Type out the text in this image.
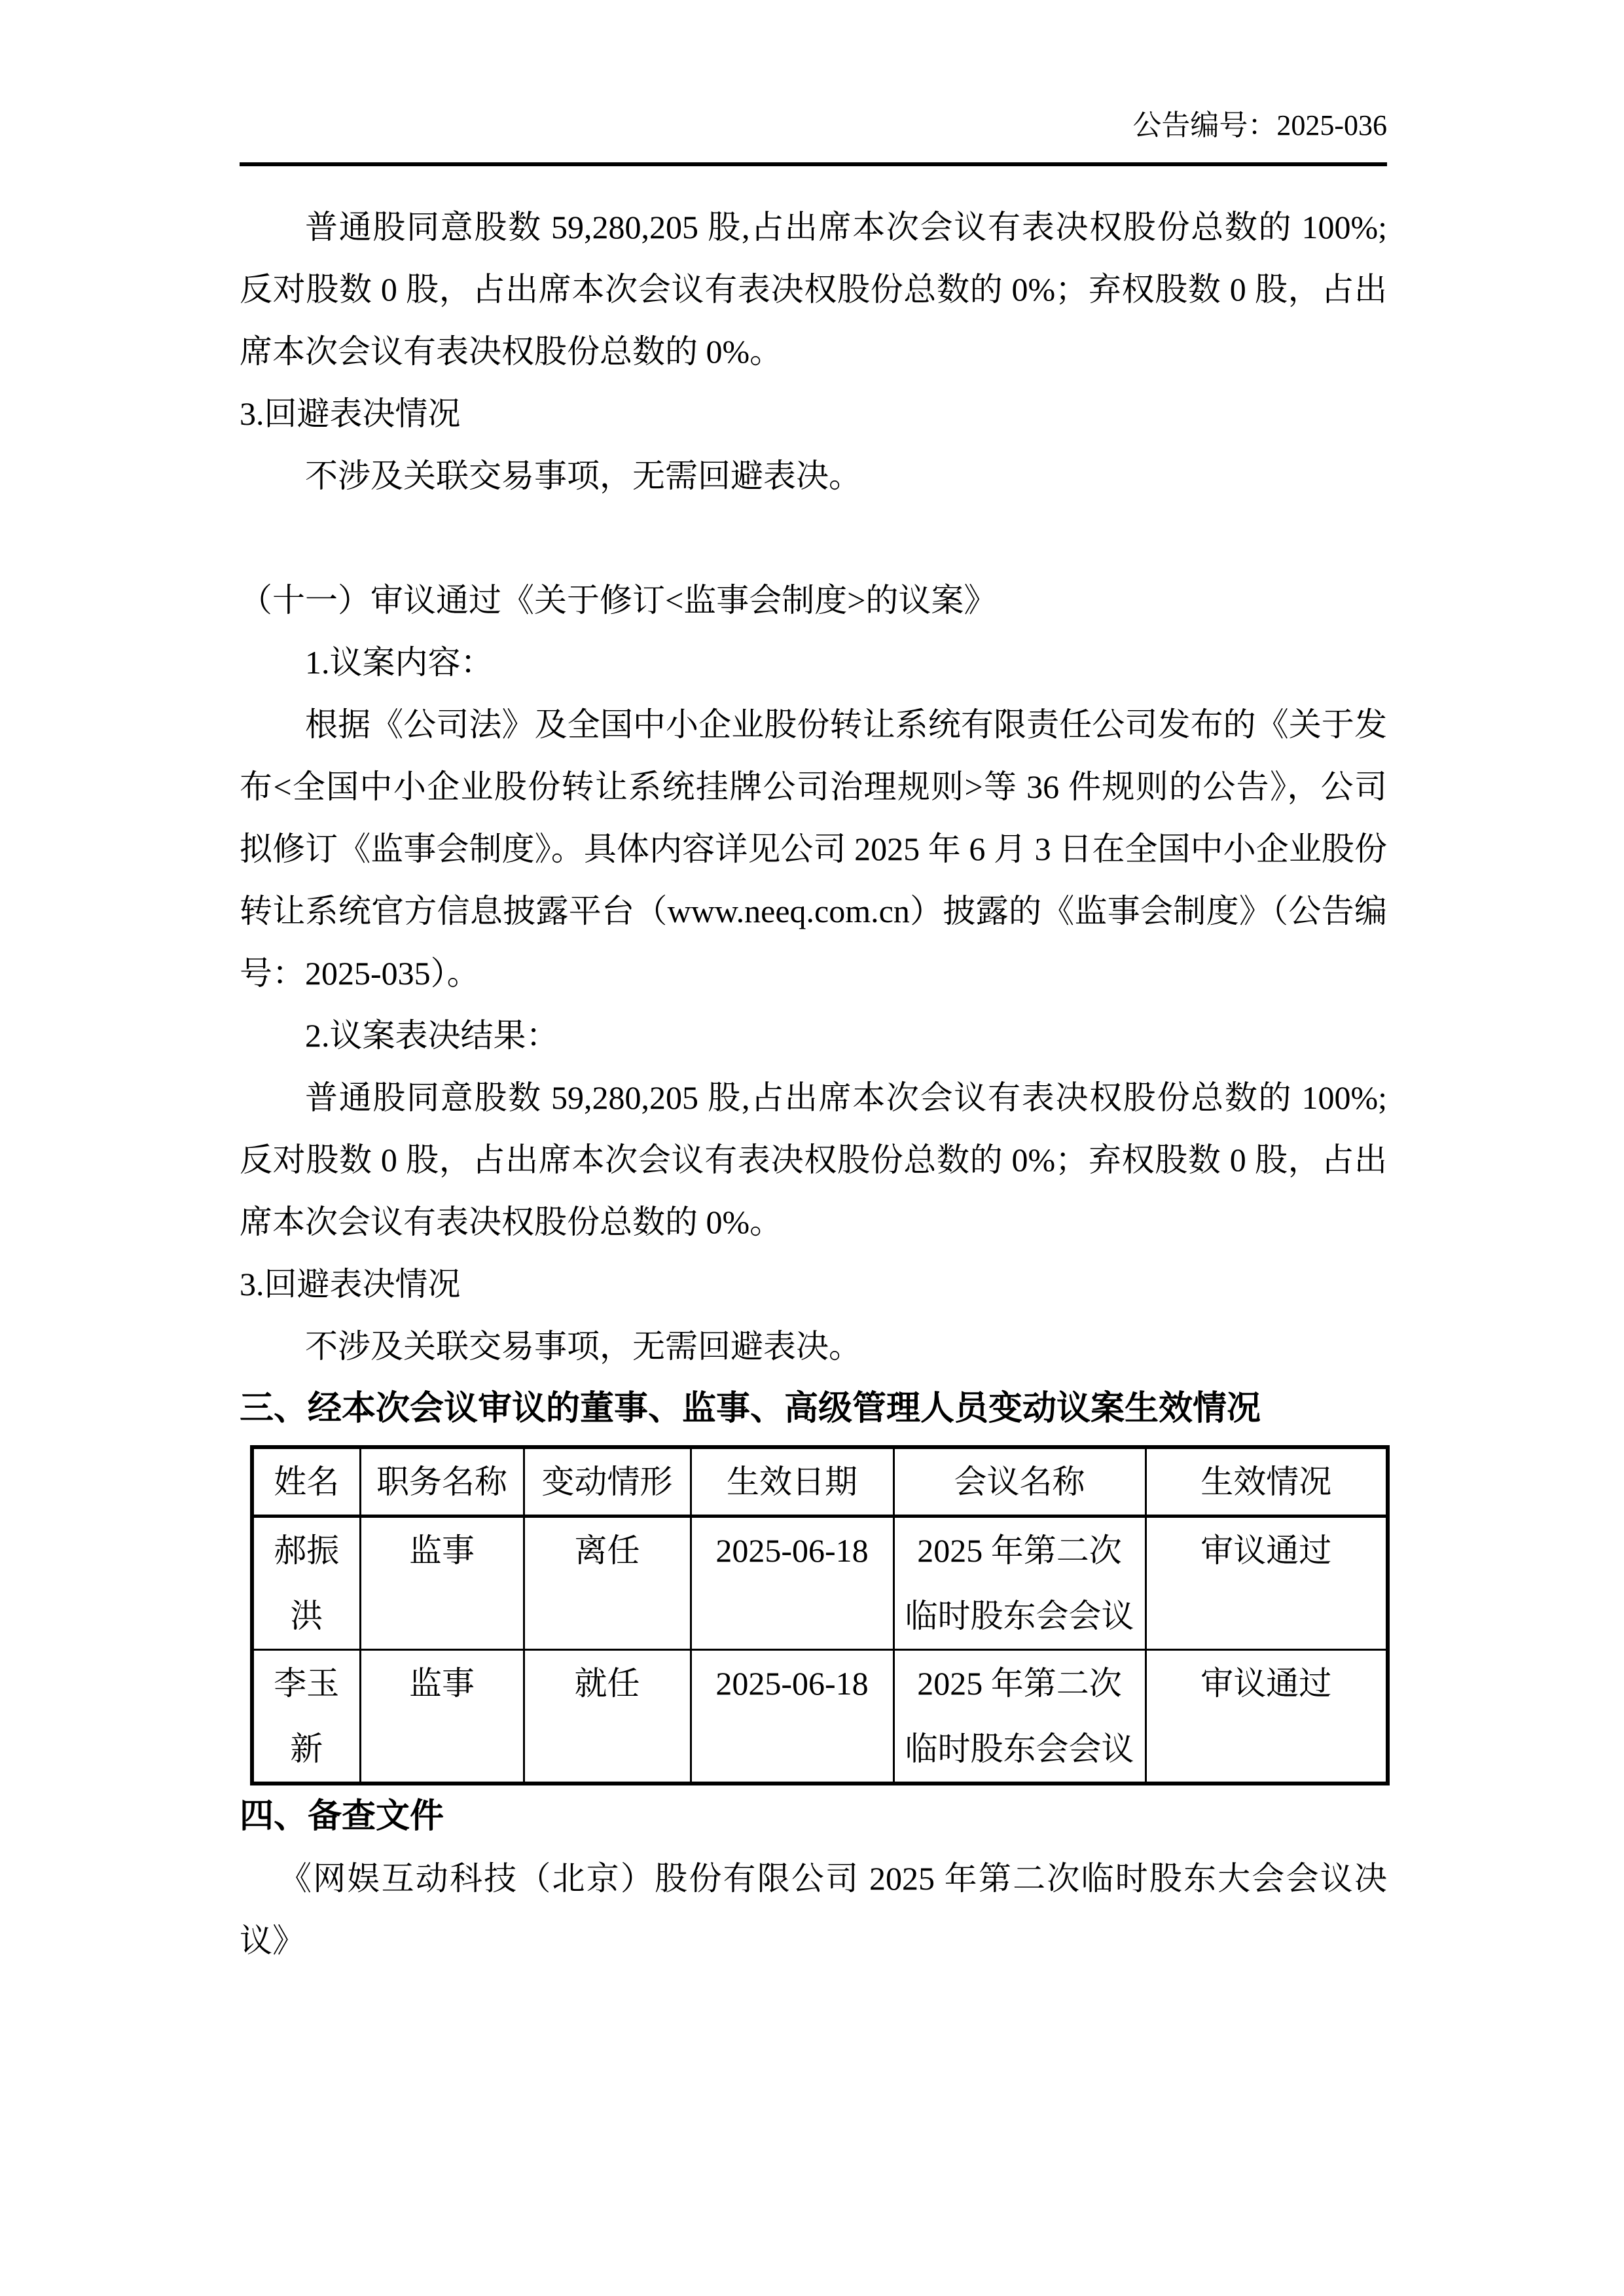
公告编号：2025-036

普通股同意股数 59,280,205 股,占出席本次会议有表决权股份总数的 100%;反对股数 0 股，占出席本次会议有表决权股份总数的 0%；弃权股数 0 股，占出席本次会议有表决权股份总数的 0%。

3.回避表决情况

不涉及关联交易事项，无需回避表决。

（十一）审议通过《关于修订<监事会制度>的议案》

1.议案内容：

根据《公司法》及全国中小企业股份转让系统有限责任公司发布的《关于发布<全国中小企业股份转让系统挂牌公司治理规则>等 36 件规则的公告》，公司拟修订《监事会制度》。具体内容详见公司 2025 年 6 月 3 日在全国中小企业股份转让系统官方信息披露平台（www.neeq.com.cn）披露的《监事会制度》（公告编号：2025-035）。

2.议案表决结果：

普通股同意股数 59,280,205 股,占出席本次会议有表决权股份总数的 100%;反对股数 0 股，占出席本次会议有表决权股份总数的 0%；弃权股数 0 股，占出席本次会议有表决权股份总数的 0%。

3.回避表决情况

不涉及关联交易事项，无需回避表决。

三、经本次会议审议的董事、监事、高级管理人员变动议案生效情况

姓名	职务名称	变动情形	生效日期	会议名称	生效情况
郝振洪	监事	离任	2025-06-18	2025 年第二次临时股东会会议	审议通过
李玉新	监事	就任	2025-06-18	2025 年第二次临时股东会会议	审议通过

四、备查文件

《网娱互动科技（北京）股份有限公司 2025 年第二次临时股东大会会议决议》
